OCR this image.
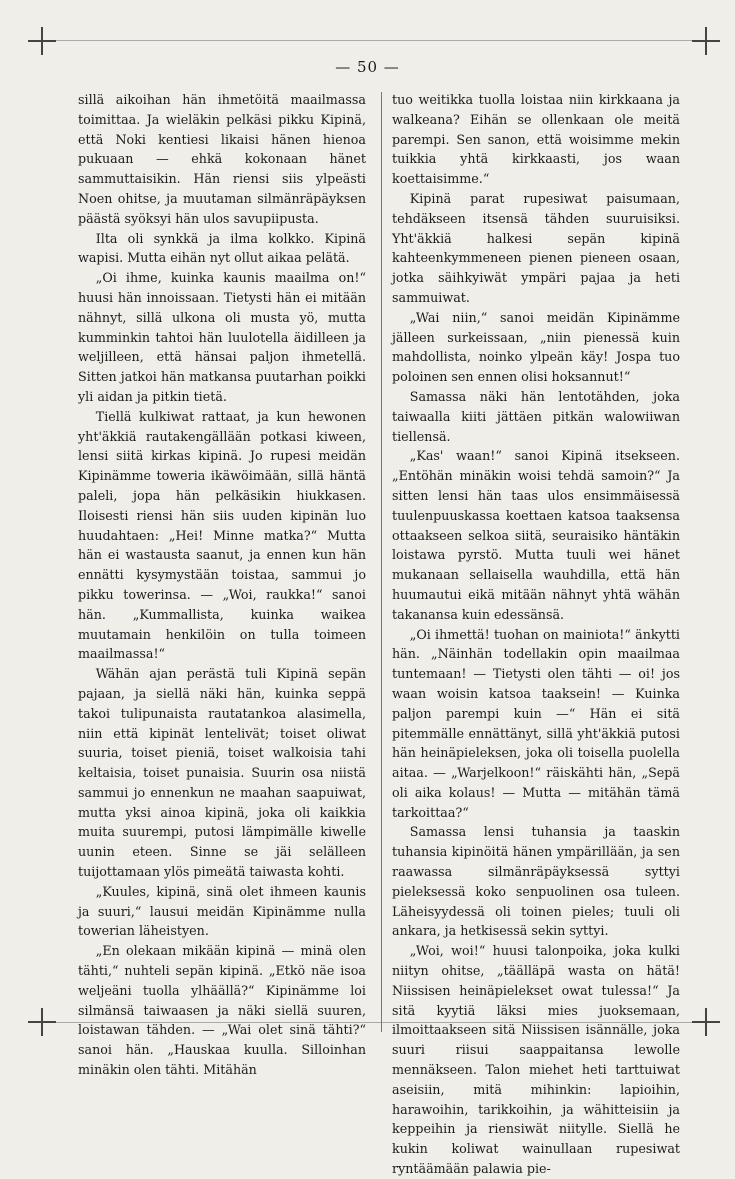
— 50 —

sillä aikoihan hän ihmetöitä maailmassa toimittaa. Ja wieläkin pelkäsi pikku Kipinä, että Noki kentiesi likaisi hänen hienoa pukuaan — ehkä kokonaan hänet sammuttaisikin. Hän riensi siis ylpeästi Noen ohitse, ja muutaman silmänräpäyksen päästä syöksyi hän ulos savupiipusta.

Ilta oli synkkä ja ilma kolkko. Kipinä wapisi. Mutta eihän nyt ollut aikaa pelätä.

„Oi ihme, kuinka kaunis maailma on!“ huusi hän innoissaan. Tietysti hän ei mitään nähnyt, sillä ulkona oli musta yö, mutta kumminkin tahtoi hän luulotella äidilleen ja weljilleen, että hänsai paljon ihmetellä. Sitten jatkoi hän matkansa puutarhan poikki yli aidan ja pitkin tietä.

Tiellä kulkiwat rattaat, ja kun hewonen yht'äkkiä rautakengällään potkasi kiween, lensi siitä kirkas kipinä. Jo rupesi meidän Kipinämme toweria ikäwöimään, sillä häntä paleli, jopa hän pelkäsikin hiukkasen. Iloisesti riensi hän siis uuden kipinän luo huudahtaen: „Hei! Minne matka?“ Mutta hän ei wastausta saanut, ja ennen kun hän ennätti kysymystään toistaa, sammui jo pikku towerinsa. — „Woi, raukka!“ sanoi hän. „Kummallista, kuinka waikea muutamain henkilöin on tulla toimeen maailmassa!“

Wähän ajan perästä tuli Kipinä sepän pajaan, ja siellä näki hän, kuinka seppä takoi tulipunaista rautatankoa alasimella, niin että kipinät lentelivät; toiset oliwat suuria, toiset pieniä, toiset walkoisia tahi keltaisia, toiset punaisia. Suurin osa niistä sammui jo ennenkun ne maahan saapuiwat, mutta yksi ainoa kipinä, joka oli kaikkia muita suurempi, putosi lämpimälle kiwelle uunin eteen. Sinne se jäi selälleen tuijottamaan ylös pimeätä taiwasta kohti.

„Kuules, kipinä, sinä olet ihmeen kaunis ja suuri,“ lausui meidän Kipinämme nulla towerian läheistyen.

„En olekaan mikään kipinä — minä olen tähti,“ nuhteli sepän kipinä. „Etkö näe isoa weljeäni tuolla ylhäällä?“ Kipinämme loi silmänsä taiwaasen ja näki siellä suuren, loistawan tähden. — „Wai olet sinä tähti?“ sanoi hän. „Hauskaa kuulla. Silloinhan minäkin olen tähti. Mitähän

tuo weitikka tuolla loistaa niin kirkkaana ja walkeana? Eihän se ollenkaan ole meitä parempi. Sen sanon, että woisimme mekin tuikkia yhtä kirkkaasti, jos waan koettaisimme.“

Kipinä parat rupesiwat paisumaan, tehdäkseen itsensä tähden suuruisiksi. Yht'äkkiä halkesi sepän kipinä kahteenkymmeneen pienen pieneen osaan, jotka säihkyiwät ympäri pajaa ja heti sammuiwat.

„Wai niin,“ sanoi meidän Kipinämme jälleen surkeissaan, „niin pienessä kuin mahdollista, noinko ylpeän käy! Jospa tuo poloinen sen ennen olisi hoksannut!“

Samassa näki hän lentotähden, joka taiwaalla kiiti jättäen pitkän walowiiwan tiellensä.

„Kas' waan!“ sanoi Kipinä itsekseen. „Entöhän minäkin woisi tehdä samoin?“ Ja sitten lensi hän taas ulos ensimmäisessä tuulenpuuskassa koettaen katsoa taaksensa ottaakseen selkoa siitä, seuraisiko häntäkin loistawa pyrstö. Mutta tuuli wei hänet mukanaan sellaisella wauhdilla, että hän huumautui eikä mitään nähnyt yhtä wähän takanansa kuin edessänsä.

„Oi ihmettä! tuohan on mainiota!“ änkytti hän. „Näinhän todellakin opin maailmaa tuntemaan! — Tietysti olen tähti — oi! jos waan woisin katsoa taaksein! — Kuinka paljon parempi kuin —“ Hän ei sitä pitemmälle ennättänyt, sillä yht'äkkiä putosi hän heinäpieleksen, joka oli toisella puolella aitaa. — „Warjelkoon!“ räiskähti hän, „Sepä oli aika kolaus! — Mutta — mitähän tämä tarkoittaa?“

Samassa lensi tuhansia ja taaskin tuhansia kipinöitä hänen ympärillään, ja sen raawassa silmänräpäyksessä syttyi pieleksessä koko senpuolinen osa tuleen. Läheisyydessä oli toinen pieles; tuuli oli ankara, ja hetkisessä sekin syttyi.

„Woi, woi!“ huusi talonpoika, joka kulki niityn ohitse, „täälläpä wasta on hätä! Niissisen heinäpielekset owat tulessa!“ Ja sitä kyytiä läksi mies juoksemaan, ilmoittaakseen sitä Niissisen isännälle, joka suuri riisui saappaitansa lewolle mennäkseen. Talon miehet heti tarttuiwat aseisiin, mitä mihinkin: lapioihin, harawoihin, tarikkoihin, ja wähitteisiin ja keppeihin ja riensiwät niitylle. Siellä he kukin koliwat wainullaan rupesiwat ryntäämään palawia pie-
